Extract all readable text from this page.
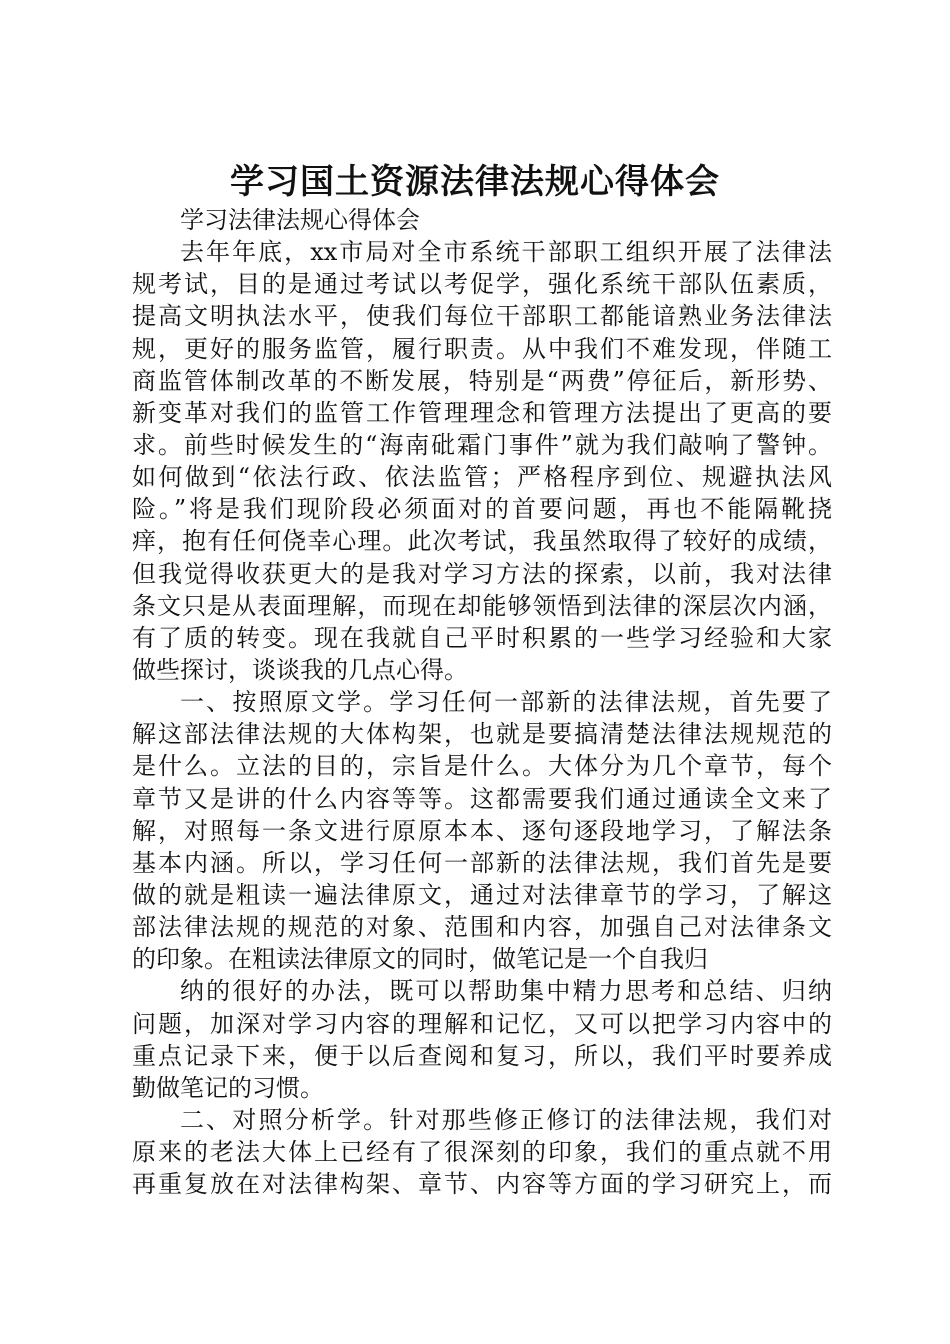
学习国土资源法律法规心得体会
学习法律法规心得体会
去年年底，xx市局对全市系统干部职工组织开展了法律法
规考试，目的是通过考试以考促学，强化系统干部队伍素质，
提高文明执法水平，使我们每位干部职工都能谙熟业务法律法
规，更好的服务监管，履行职责。从中我们不难发现，伴随工
商监管体制改革的不断发展，特别是“两费”停征后，新形势、
新变革对我们的监管工作管理理念和管理方法提出了更高的要
求。前些时候发生的“海南砒霜门事件”就为我们敲响了警钟。
如何做到“依法行政、依法监管；严格程序到位、规避执法风
险。”将是我们现阶段必须面对的首要问题，再也不能隔靴挠
痒，抱有任何侥幸心理。此次考试，我虽然取得了较好的成绩，
但我觉得收获更大的是我对学习方法的探索，以前，我对法律
条文只是从表面理解，而现在却能够领悟到法律的深层次内涵，
有了质的转变。现在我就自己平时积累的一些学习经验和大家
做些探讨，谈谈我的几点心得。
一、按照原文学。学习任何一部新的法律法规，首先要了
解这部法律法规的大体构架，也就是要搞清楚法律法规规范的
是什么。立法的目的，宗旨是什么。大体分为几个章节，每个
章节又是讲的什么内容等等。这都需要我们通过通读全文来了
解，对照每一条文进行原原本本、逐句逐段地学习，了解法条
基本内涵。所以，学习任何一部新的法律法规，我们首先是要
做的就是粗读一遍法律原文，通过对法律章节的学习，了解这
部法律法规的规范的对象、范围和内容，加强自己对法律条文
的印象。在粗读法律原文的同时，做笔记是一个自我归
纳的很好的办法，既可以帮助集中精力思考和总结、归纳
问题，加深对学习内容的理解和记忆，又可以把学习内容中的
重点记录下来，便于以后查阅和复习，所以，我们平时要养成
勤做笔记的习惯。
二、对照分析学。针对那些修正修订的法律法规，我们对
原来的老法大体上已经有了很深刻的印象，我们的重点就不用
再重复放在对法律构架、章节、内容等方面的学习研究上，而
